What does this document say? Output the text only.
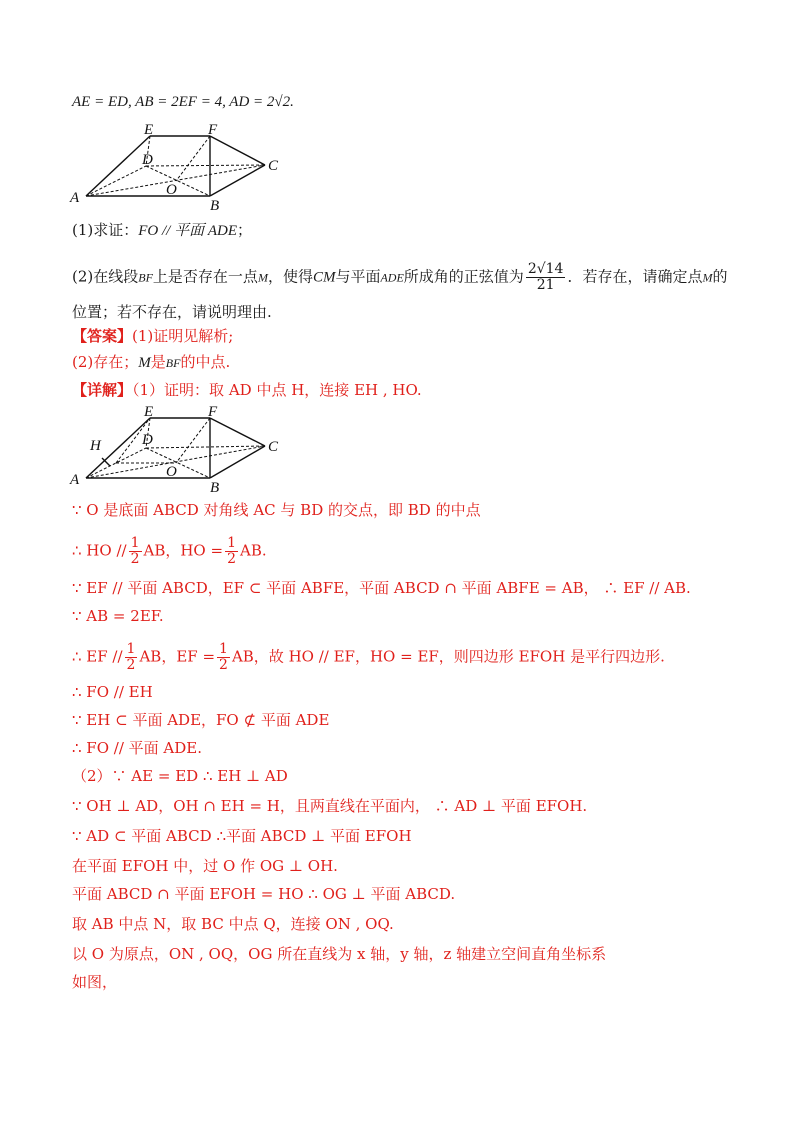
AE = ED, AB = 2EF = 4, AD = 2√2.
A	B
C
D
E	F
O
(1)求证：FO // 平面 ADE；
(2)在线段BF上是否存在一点M，使得CM与平面ADE所成角的正弦值为 $\frac{2√14}{21}$ ．若存在，请确定点M的
位置；若不存在，请说明理由.
【答案】(1)证明见解析;
(2)存在；M是BF的中点.
【详解】（1）证明：取 AD 中点 H，连接 EH , HO.
A	B
C
D
E	F
O
H
∵ O 是底面 ABCD 对角线 AC 与 BD 的交点，即 BD 的中点
∴ HO // $\frac{1}{2}$ AB，HO = $\frac{1}{2}$ AB.
∵ EF // 平面 ABCD，EF ⊂ 平面 ABFE，平面 ABCD ∩ 平面 ABFE = AB， ∴ EF // AB.
∵ AB = 2EF.
∴ EF // $\frac{1}{2}$ AB，EF = $\frac{1}{2}$ AB，故 HO // EF，HO = EF，则四边形 EFOH 是平行四边形.
∴ FO // EH
∵ EH ⊂ 平面 ADE，FO ⊄ 平面 ADE
∴ FO // 平面 ADE.
（2）∵ AE = ED ∴ EH ⊥ AD
∵ OH ⊥ AD，OH ∩ EH = H，且两直线在平面内， ∴ AD ⊥ 平面 EFOH.
∵ AD ⊂ 平面 ABCD ∴平面 ABCD ⊥ 平面 EFOH
在平面 EFOH 中，过 O 作 OG ⊥ OH.
平面 ABCD ∩ 平面 EFOH = HO ∴ OG ⊥ 平面 ABCD.
取 AB 中点 N，取 BC 中点 Q，连接 ON , OQ.
以 O 为原点，ON , OQ，OG 所在直线为 x 轴，y 轴，z 轴建立空间直角坐标系
如图，
